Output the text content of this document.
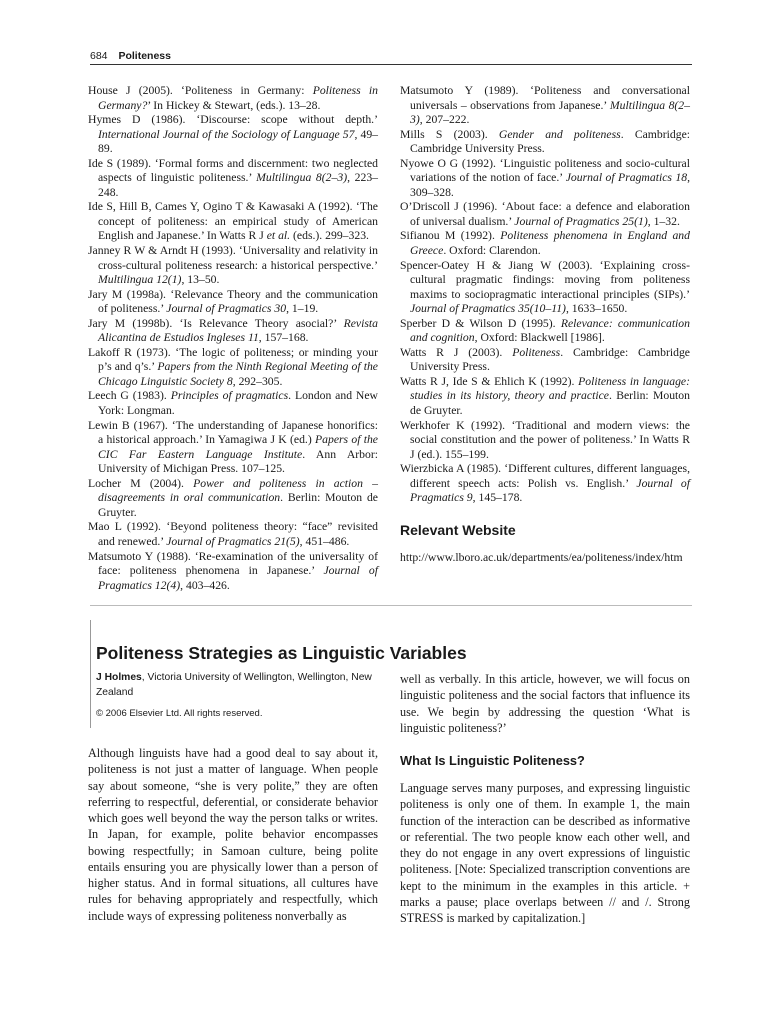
684 Politeness

House J (2005). ‘Politeness in Germany: Politeness in Germany?’ In Hickey & Stewart, (eds.). 13–28.

Hymes D (1986). ‘Discourse: scope without depth.’ International Journal of the Sociology of Language 57, 49–89.

Ide S (1989). ‘Formal forms and discernment: two neglected aspects of linguistic politeness.’ Multilingua 8(2–3), 223–248.

Ide S, Hill B, Cames Y, Ogino T & Kawasaki A (1992). ‘The concept of politeness: an empirical study of American English and Japanese.’ In Watts R J et al. (eds.). 299–323.

Janney R W & Arndt H (1993). ‘Universality and relativity in cross-cultural politeness research: a historical perspective.’ Multilingua 12(1), 13–50.

Jary M (1998a). ‘Relevance Theory and the communication of politeness.’ Journal of Pragmatics 30, 1–19.

Jary M (1998b). ‘Is Relevance Theory asocial?’ Revista Alicantina de Estudios Ingleses 11, 157–168.

Lakoff R (1973). ‘The logic of politeness; or minding your p’s and q’s.’ Papers from the Ninth Regional Meeting of the Chicago Linguistic Society 8, 292–305.

Leech G (1983). Principles of pragmatics. London and New York: Longman.

Lewin B (1967). ‘The understanding of Japanese honorifics: a historical approach.’ In Yamagiwa J K (ed.) Papers of the CIC Far Eastern Language Institute. Ann Arbor: University of Michigan Press. 107–125.

Locher M (2004). Power and politeness in action – disagreements in oral communication. Berlin: Mouton de Gruyter.

Mao L (1992). ‘Beyond politeness theory: “face” revisited and renewed.’ Journal of Pragmatics 21(5), 451–486.

Matsumoto Y (1988). ‘Re-examination of the universality of face: politeness phenomena in Japanese.’ Journal of Pragmatics 12(4), 403–426.

Matsumoto Y (1989). ‘Politeness and conversational universals – observations from Japanese.’ Multilingua 8(2–3), 207–222.

Mills S (2003). Gender and politeness. Cambridge: Cambridge University Press.

Nyowe O G (1992). ‘Linguistic politeness and socio-cultural variations of the notion of face.’ Journal of Pragmatics 18, 309–328.

O’Driscoll J (1996). ‘About face: a defence and elaboration of universal dualism.’ Journal of Pragmatics 25(1), 1–32.

Sifianou M (1992). Politeness phenomena in England and Greece. Oxford: Clarendon.

Spencer-Oatey H & Jiang W (2003). ‘Explaining cross-cultural pragmatic findings: moving from politeness maxims to sociopragmatic interactional principles (SIPs).’ Journal of Pragmatics 35(10–11), 1633–1650.

Sperber D & Wilson D (1995). Relevance: communication and cognition, Oxford: Blackwell [1986].

Watts R J (2003). Politeness. Cambridge: Cambridge University Press.

Watts R J, Ide S & Ehlich K (1992). Politeness in language: studies in its history, theory and practice. Berlin: Mouton de Gruyter.

Werkhofer K (1992). ‘Traditional and modern views: the social constitution and the power of politeness.’ In Watts R J (ed.). 155–199.

Wierzbicka A (1985). ‘Different cultures, different languages, different speech acts: Polish vs. English.’ Journal of Pragmatics 9, 145–178.

Relevant Website

http://www.lboro.ac.uk/departments/ea/politeness/index/htm

Politeness Strategies as Linguistic Variables

J Holmes, Victoria University of Wellington, Wellington, New Zealand

© 2006 Elsevier Ltd. All rights reserved.

Although linguists have had a good deal to say about it, politeness is not just a matter of language. When people say about someone, “she is very polite,” they are often referring to respectful, deferential, or considerate behavior which goes well beyond the way the person talks or writes. In Japan, for example, polite behavior encompasses bowing respectfully; in Samoan culture, being polite entails ensuring you are physically lower than a person of higher status. And in formal situations, all cultures have rules for behaving appropriately and respectfully, which include ways of expressing politeness nonverbally as

well as verbally. In this article, however, we will focus on linguistic politeness and the social factors that influence its use. We begin by addressing the question ‘What is linguistic politeness?’

What Is Linguistic Politeness?

Language serves many purposes, and expressing linguistic politeness is only one of them. In example 1, the main function of the interaction can be described as informative or referential. The two people know each other well, and they do not engage in any overt expressions of linguistic politeness. [Note: Specialized transcription conventions are kept to the minimum in the examples in this article. + marks a pause; place overlaps between // and /. Strong STRESS is marked by capitalization.]
